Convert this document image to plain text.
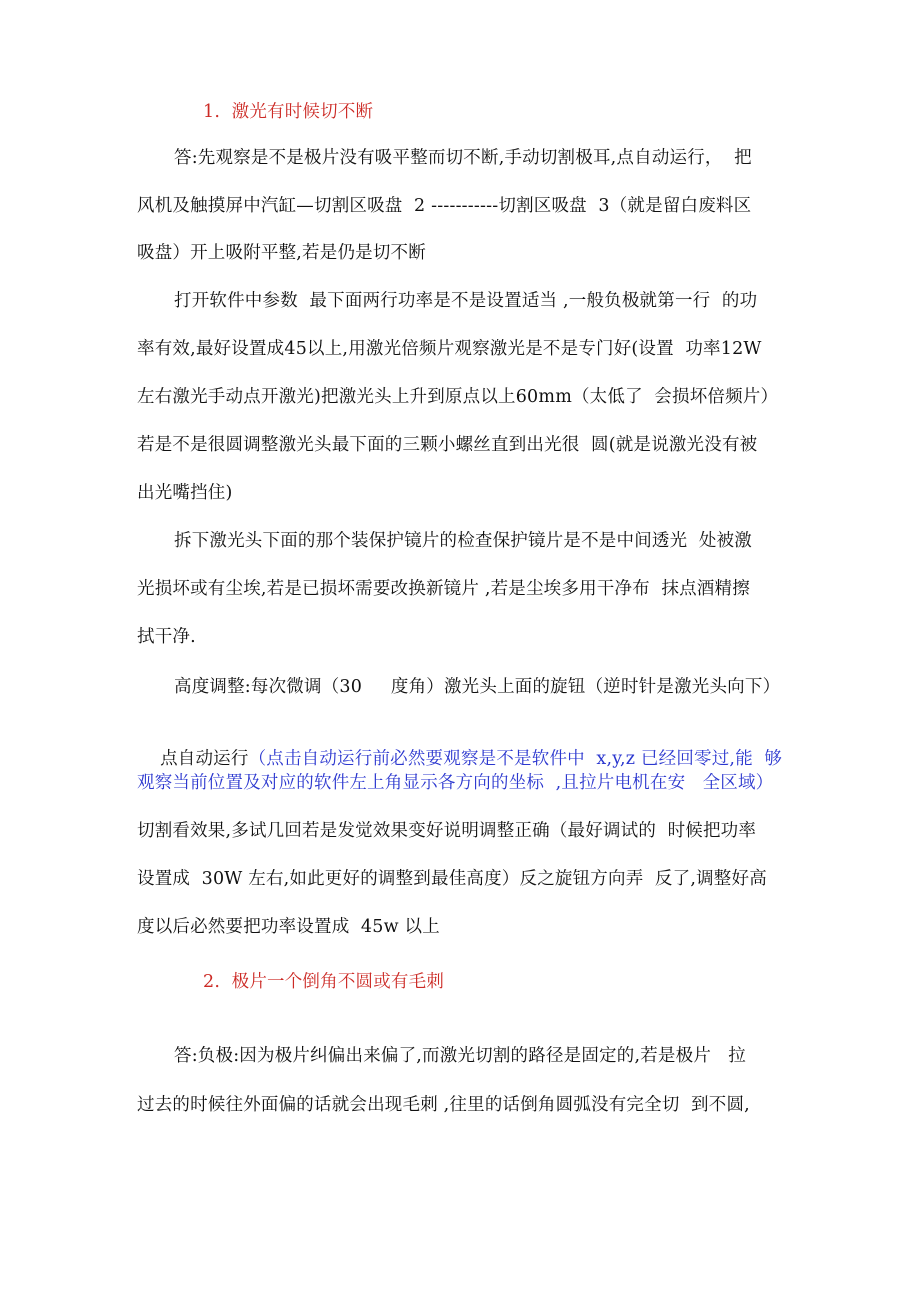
1.  激光有时候切不断
答:先观察是不是极片没有吸平整而切不断,手动切割极耳,点自动运行，  把
风机及触摸屏中汽缸—切割区吸盘  2 -----------切割区吸盘  3（就是留白废料区
吸盘）开上吸附平整,若是仍是切不断
打开软件中参数  最下面两行功率是不是设置适当 ,一般负极就第一行  的功
率有效,最好设置成45以上,用激光倍频片观察激光是不是专门好(设置  功率12W
左右激光手动点开激光)把激光头上升到原点以上60mm（太低了  会损坏倍频片）
若是不是很圆调整激光头最下面的三颗小螺丝直到出光很  圆(就是说激光没有被
出光嘴挡住)
拆下激光头下面的那个装保护镜片的检查保护镜片是不是中间透光  处被激
光损坏或有尘埃,若是已损坏需要改换新镜片 ,若是尘埃多用干净布  抹点酒精擦
拭干净.
高度调整:每次微调（30     度角）激光头上面的旋钮（逆时针是激光头向下）

点自动运行（点击自动运行前必然要观察是不是软件中  x,y,z 已经回零过,能  够

观察当前位置及对应的软件左上角显示各方向的坐标  ,且拉片电机在安   全区域）
切割看效果,多试几回若是发觉效果变好说明调整正确（最好调试的  时候把功率
设置成  30W 左右,如此更好的调整到最佳高度）反之旋钮方向弄  反了,调整好高
度以后必然要把功率设置成  45w 以上
2.  极片一个倒角不圆或有毛刺
答:负极:因为极片纠偏出来偏了,而激光切割的路径是固定的,若是极片   拉
过去的时候往外面偏的话就会出现毛刺 ,往里的话倒角圆弧没有完全切  到不圆,
